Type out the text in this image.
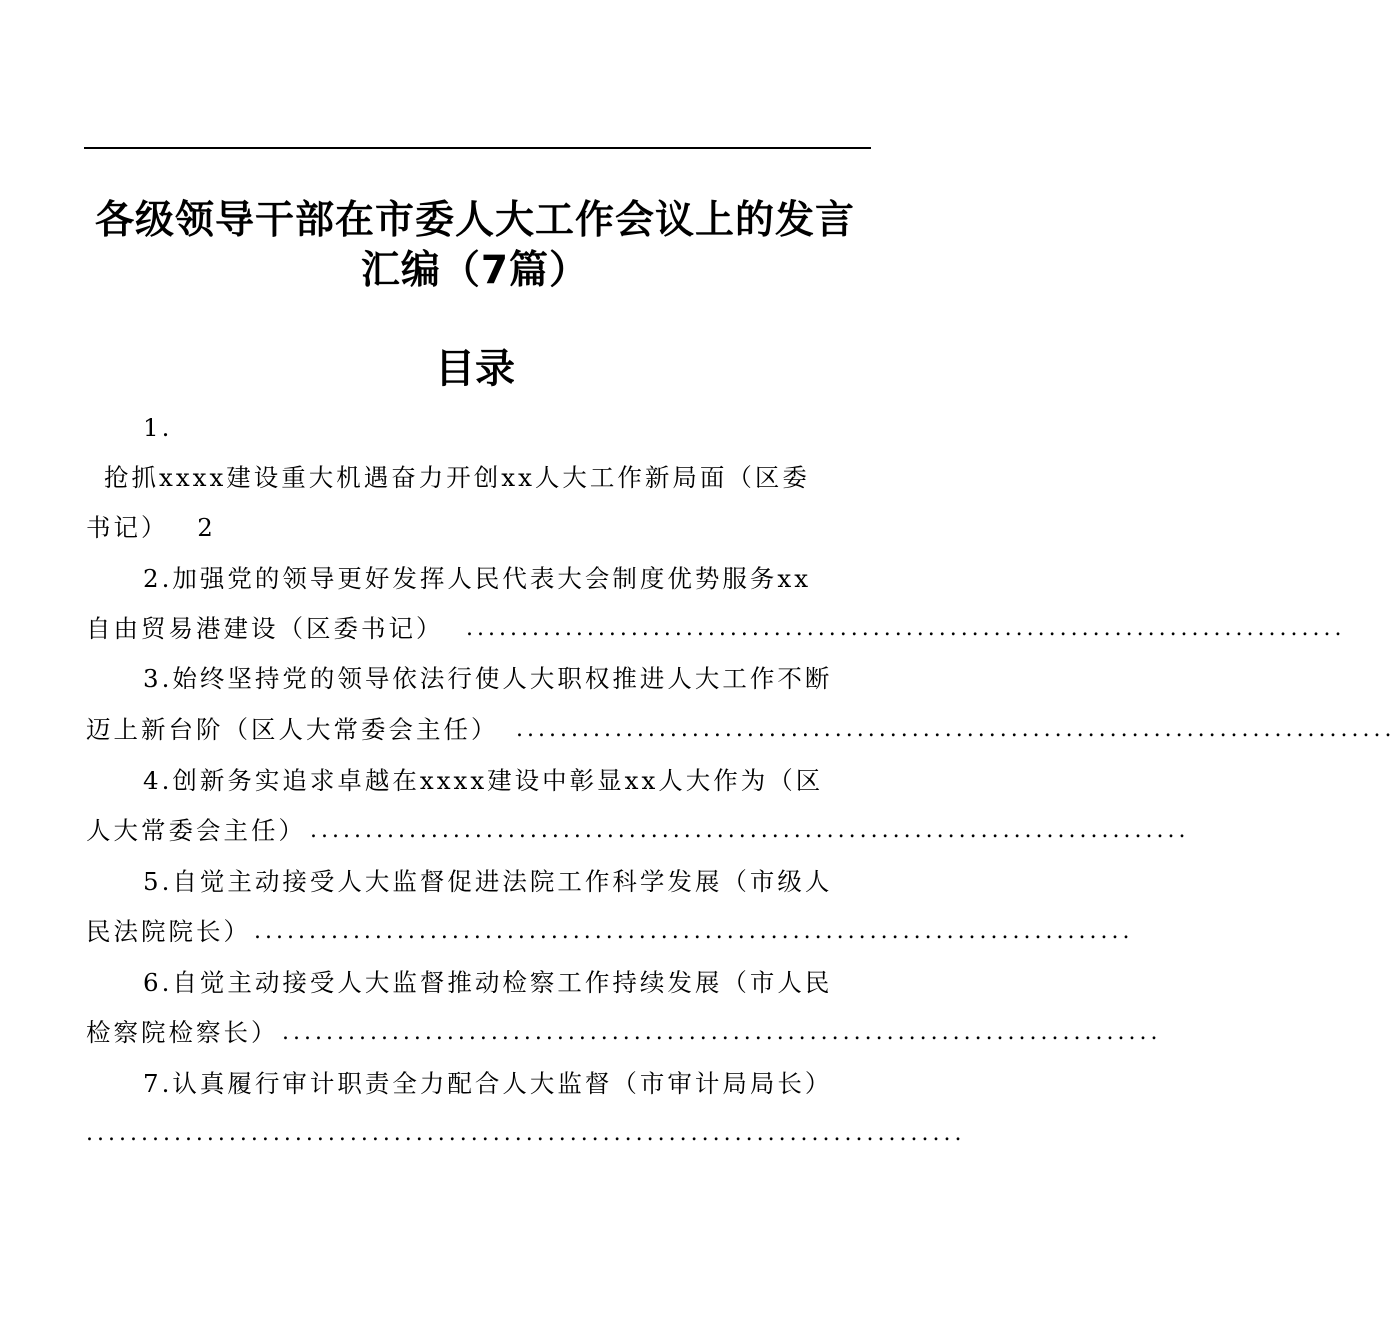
各级领导干部在市委人大工作会议上的发言
汇编（7篇）
目录
1.
抢抓xxxx建设重大机遇奋力开创xx人大工作新局面（区委
书记） 2
2.加强党的领导更好发挥人民代表大会制度优势服务xx
自由贸易港建设（区委书记） ................................................................................
3.始终坚持党的领导依法行使人大职权推进人大工作不断
迈上新台阶（区人大常委会主任） ................................................................................
4.创新务实追求卓越在xxxx建设中彰显xx人大作为（区
人大常委会主任） ................................................................................
5.自觉主动接受人大监督促进法院工作科学发展（市级人
民法院院长） ................................................................................
6.自觉主动接受人大监督推动检察工作持续发展（市人民
检察院检察长） ................................................................................
7.认真履行审计职责全力配合人大监督（市审计局局长）
................................................................................
